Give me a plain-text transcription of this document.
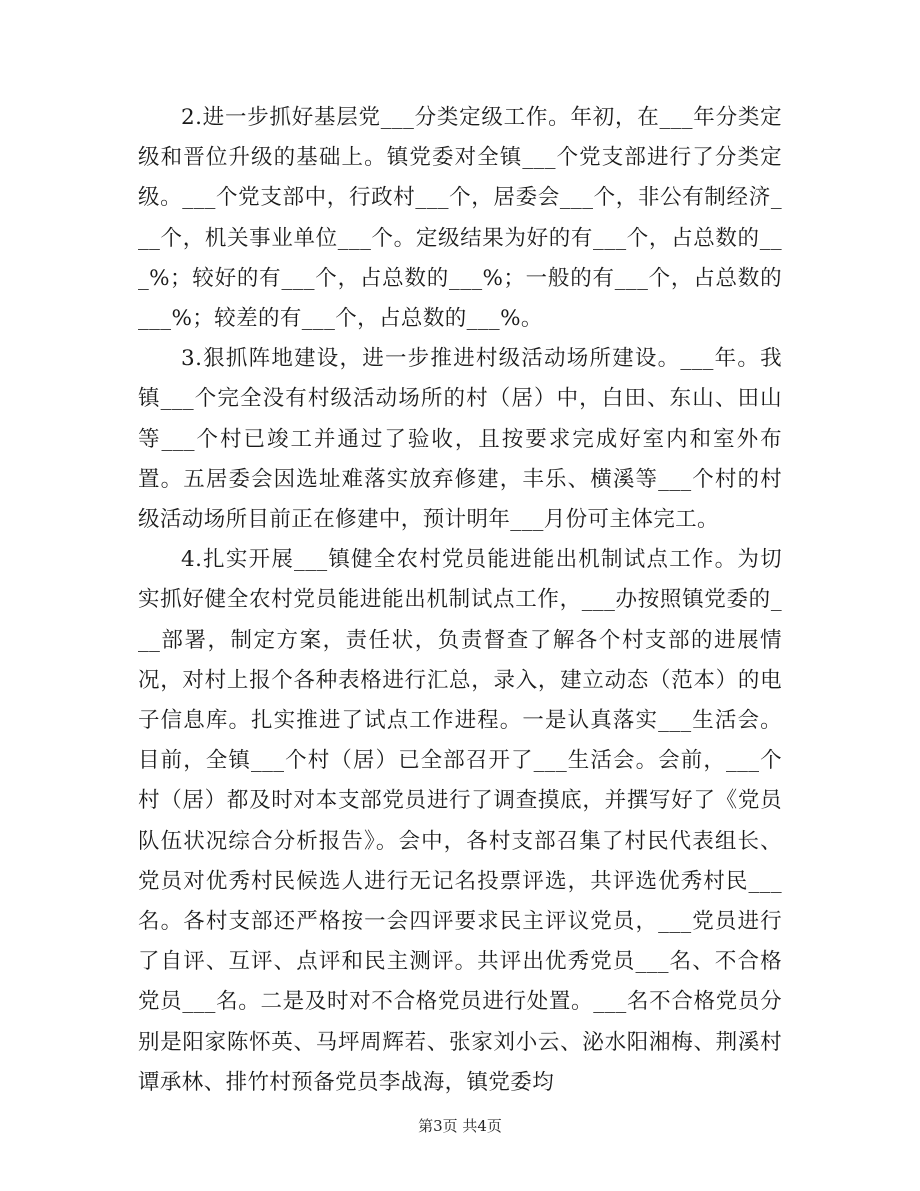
2.进一步抓好基层党___分类定级工作。年初，在___年分类定级和晋位升级的基础上。镇党委对全镇___个党支部进行了分类定级。___个党支部中，行政村___个，居委会___个，非公有制经济___个，机关事业单位___个。定级结果为好的有___个，占总数的___%；较好的有___个，占总数的___%；一般的有___个，占总数的___%；较差的有___个，占总数的___%。

3.狠抓阵地建设，进一步推进村级活动场所建设。___年。我镇___个完全没有村级活动场所的村（居）中，白田、东山、田山等___个村已竣工并通过了验收，且按要求完成好室内和室外布置。五居委会因选址难落实放弃修建，丰乐、横溪等___个村的村级活动场所目前正在修建中，预计明年___月份可主体完工。

4.扎实开展___镇健全农村党员能进能出机制试点工作。为切实抓好健全农村党员能进能出机制试点工作，___办按照镇党委的___部署，制定方案，责任状，负责督查了解各个村支部的进展情况，对村上报个各种表格进行汇总，录入，建立动态（范本）的电子信息库。扎实推进了试点工作进程。一是认真落实___生活会。目前，全镇___个村（居）已全部召开了___生活会。会前，___个村（居）都及时对本支部党员进行了调查摸底，并撰写好了《党员队伍状况综合分析报告》。会中，各村支部召集了村民代表组长、党员对优秀村民候选人进行无记名投票评选，共评选优秀村民___名。各村支部还严格按一会四评要求民主评议党员，___党员进行了自评、互评、点评和民主测评。共评出优秀党员___名、不合格党员___名。二是及时对不合格党员进行处置。___名不合格党员分别是阳家陈怀英、马坪周辉若、张家刘小云、泌水阳湘梅、荆溪村谭承林、排竹村预备党员李战海，镇党委均

第3页 共4页
